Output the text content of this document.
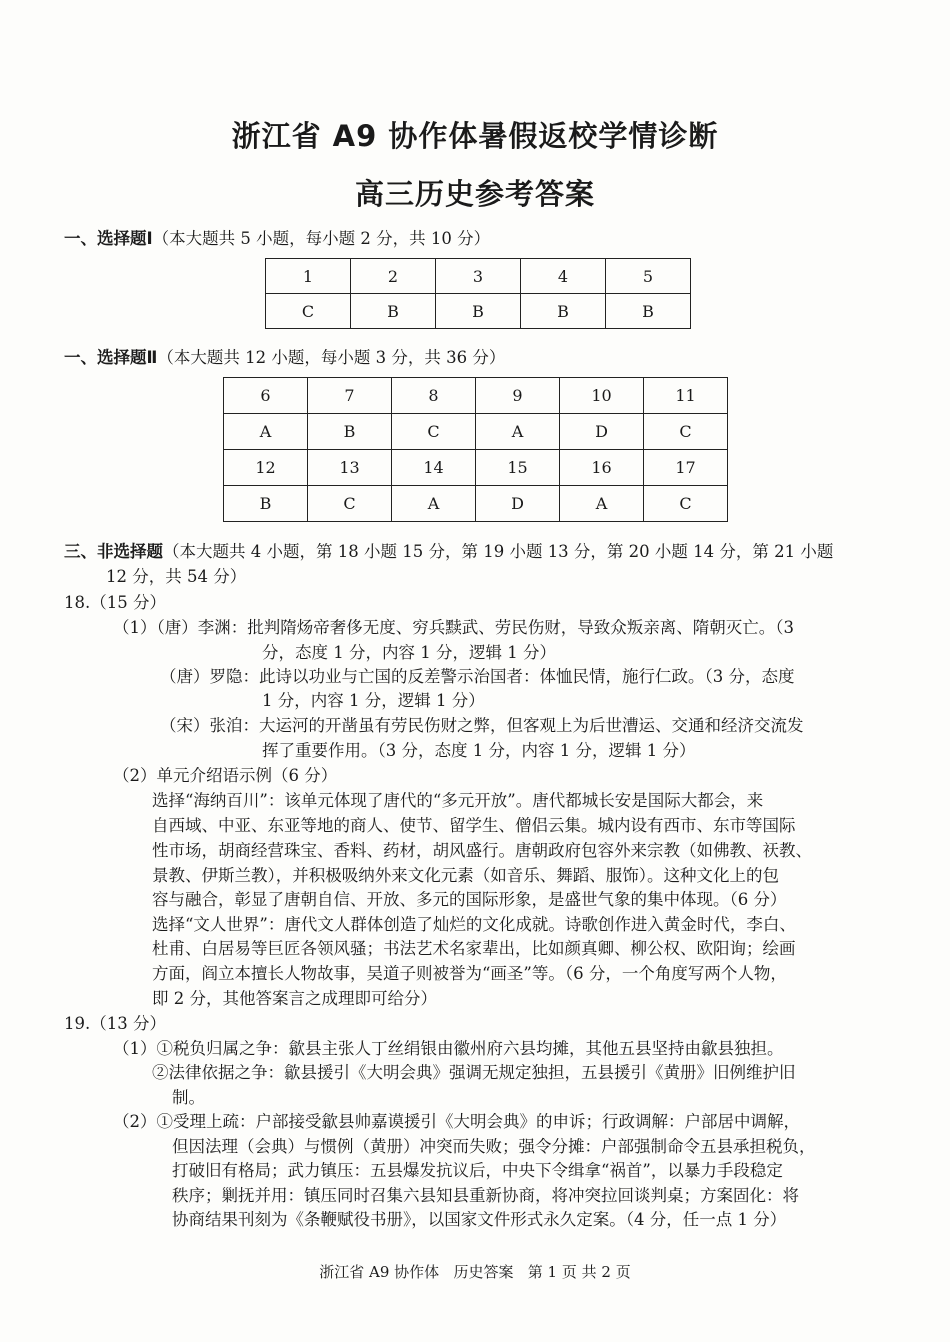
浙江省 A9 协作体暑假返校学情诊断
高三历史参考答案
一、选择题Ⅰ（本大题共 5 小题，每小题 2 分，共 10 分）
1	2	3	4	5
C	B	B	B	B
一、选择题Ⅱ（本大题共 12 小题，每小题 3 分，共 36 分）
6	7	8	9	10	11
A	B	C	A	D	C
12	13	14	15	16	17
B	C	A	D	A	C
三、非选择题（本大题共 4 小题，第 18 小题 15 分，第 19 小题 13 分，第 20 小题 14 分，第 21 小题
12 分，共 54 分）
18.（15 分）
（1）（唐）李渊：批判隋炀帝奢侈无度、穷兵黩武、劳民伤财，导致众叛亲离、隋朝灭亡。（3
分，态度 1 分，内容 1 分，逻辑 1 分）
（唐）罗隐：此诗以功业与亡国的反差警示治国者：体恤民情，施行仁政。（3 分，态度
1 分，内容 1 分，逻辑 1 分）
（宋）张洎：大运河的开凿虽有劳民伤财之弊，但客观上为后世漕运、交通和经济交流发
挥了重要作用。（3 分，态度 1 分，内容 1 分，逻辑 1 分）
（2）单元介绍语示例（6 分）
选择“海纳百川”：该单元体现了唐代的“多元开放”。唐代都城长安是国际大都会，来
自西域、中亚、东亚等地的商人、使节、留学生、僧侣云集。城内设有西市、东市等国际
性市场，胡商经营珠宝、香料、药材，胡风盛行。唐朝政府包容外来宗教（如佛教、祆教、
景教、伊斯兰教），并积极吸纳外来文化元素（如音乐、舞蹈、服饰）。这种文化上的包
容与融合，彰显了唐朝自信、开放、多元的国际形象，是盛世气象的集中体现。（6 分）
选择“文人世界”：唐代文人群体创造了灿烂的文化成就。诗歌创作进入黄金时代，李白、
杜甫、白居易等巨匠各领风骚；书法艺术名家辈出，比如颜真卿、柳公权、欧阳询；绘画
方面，阎立本擅长人物故事，吴道子则被誉为“画圣”等。（6 分，一个角度写两个人物，
即 2 分，其他答案言之成理即可给分）
19.（13 分）
（1）①税负归属之争：歙县主张人丁丝绢银由徽州府六县均摊，其他五县坚持由歙县独担。
②法律依据之争：歙县援引《大明会典》强调无规定独担，五县援引《黄册》旧例维护旧
制。
（2）①受理上疏：户部接受歙县帅嘉谟援引《大明会典》的申诉；行政调解：户部居中调解，
但因法理（会典）与惯例（黄册）冲突而失败；强令分摊：户部强制命令五县承担税负，
打破旧有格局；武力镇压：五县爆发抗议后，中央下令缉拿“祸首”，以暴力手段稳定
秩序；剿抚并用：镇压同时召集六县知县重新协商，将冲突拉回谈判桌；方案固化：将
协商结果刊刻为《条鞭赋役书册》，以国家文件形式永久定案。（4 分，任一点 1 分）
浙江省 A9 协作体   历史答案   第 1 页 共 2 页
